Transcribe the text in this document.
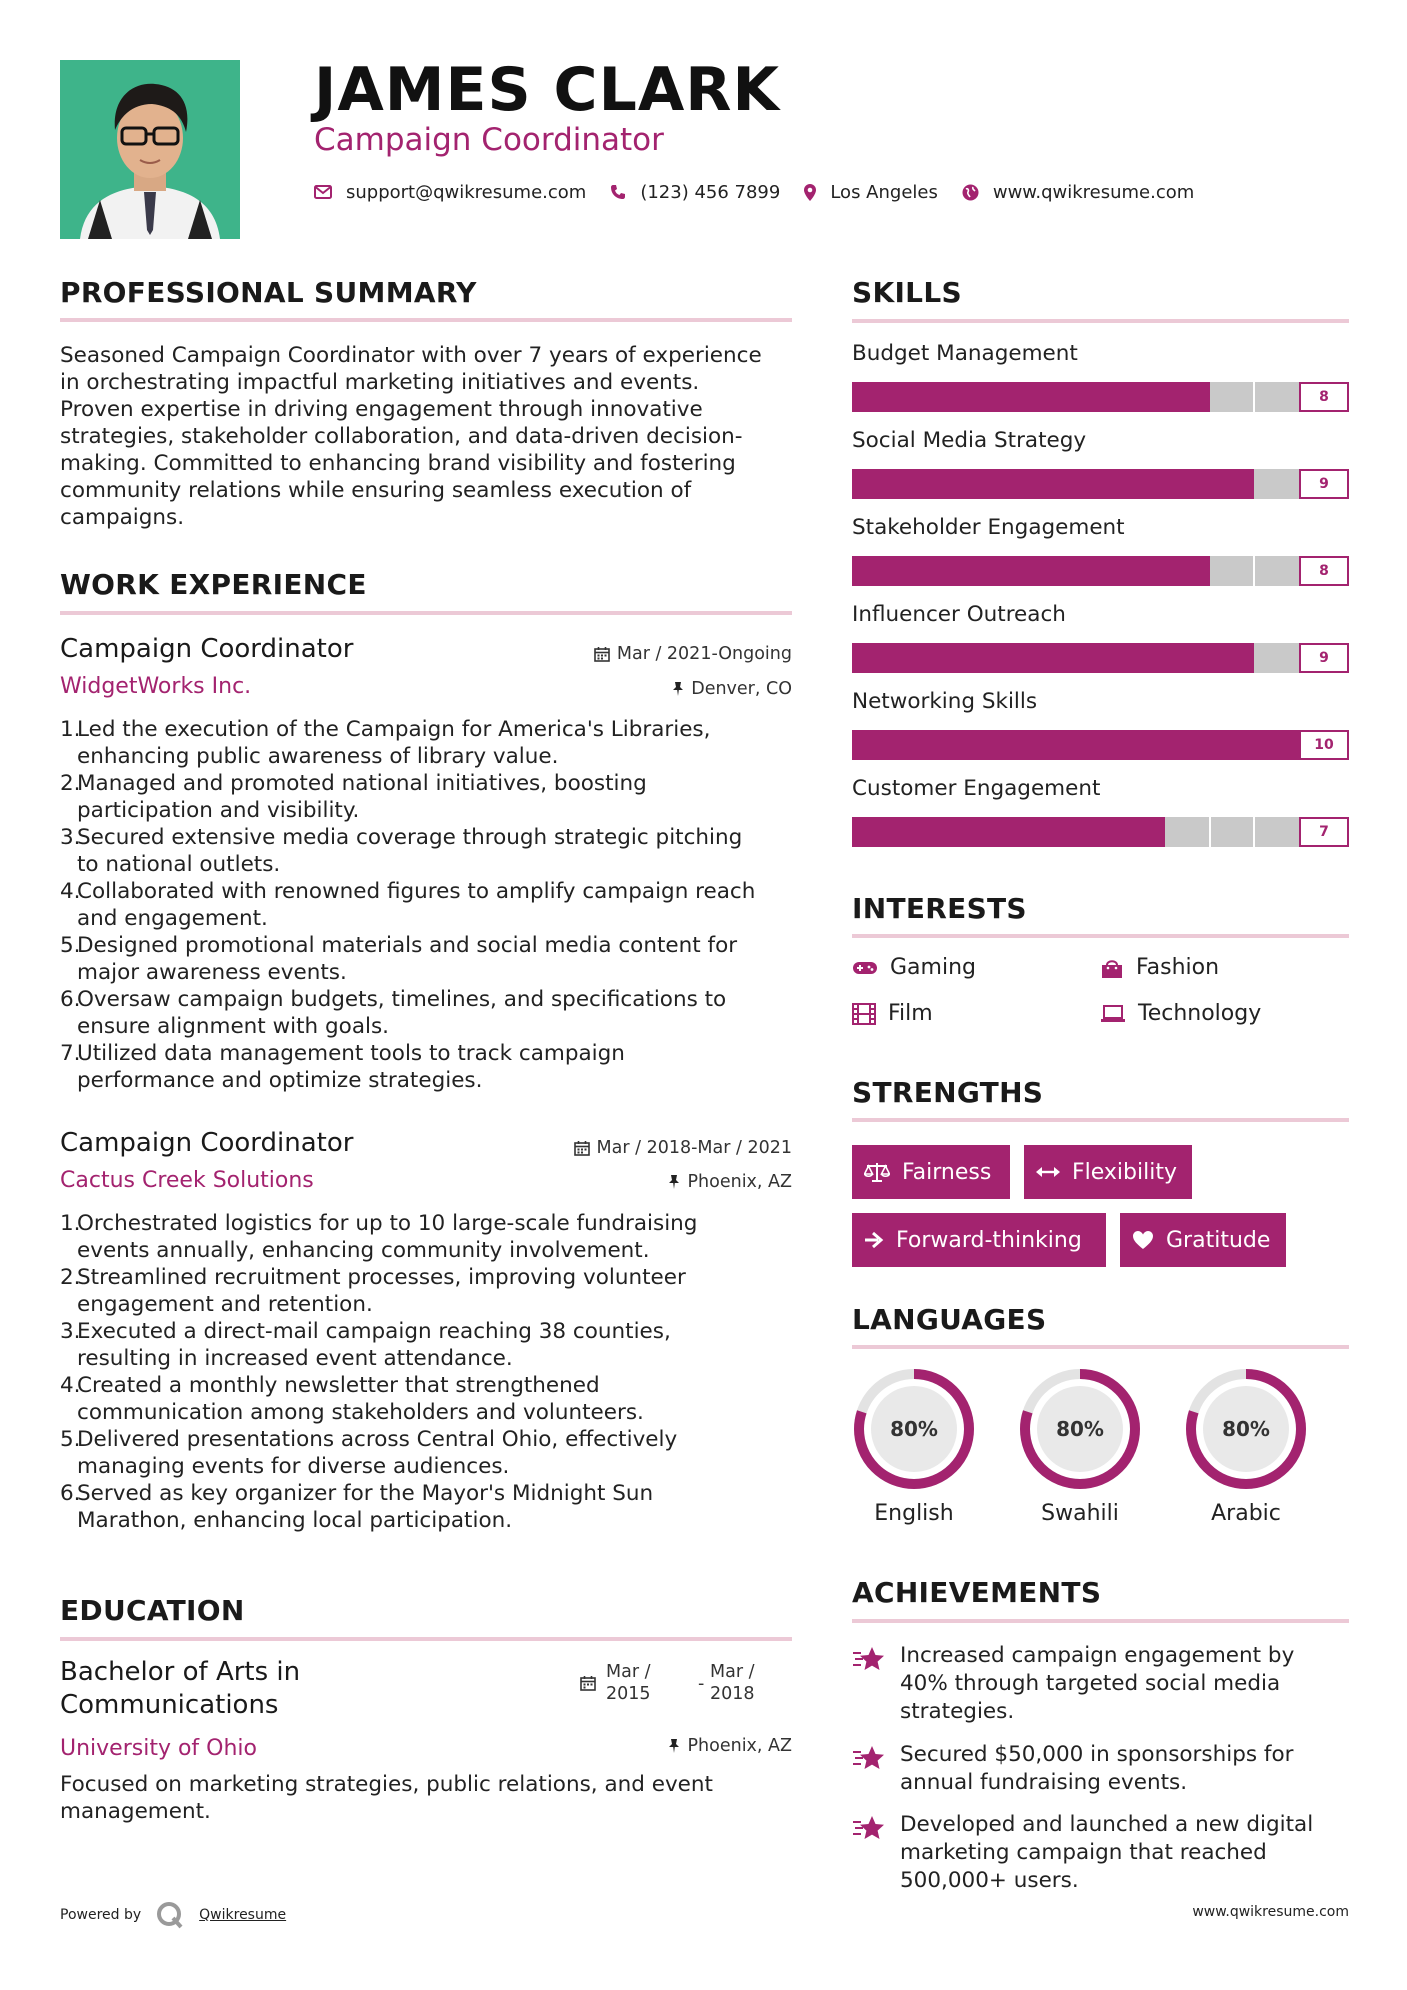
JAMES CLARK
Campaign Coordinator
support@qwikresume.com	(123) 456 7899	Los Angeles	www.qwikresume.com
PROFESSIONAL SUMMARY
Seasoned Campaign Coordinator with over 7 years of experience
in orchestrating impactful marketing initiatives and events.
Proven expertise in driving engagement through innovative
strategies, stakeholder collaboration, and data-driven decision-
making. Committed to enhancing brand visibility and fostering
community relations while ensuring seamless execution of
campaigns.
WORK EXPERIENCE
Campaign Coordinator	Mar / 2021-Ongoing
WidgetWorks Inc.	Denver, CO
1.
Led the execution of the Campaign for America's Libraries,
enhancing public awareness of library value.
2.
Managed and promoted national initiatives, boosting
participation and visibility.
3.
Secured extensive media coverage through strategic pitching
to national outlets.
4.
Collaborated with renowned figures to amplify campaign reach
and engagement.
5.
Designed promotional materials and social media content for
major awareness events.
6.
Oversaw campaign budgets, timelines, and specifications to
ensure alignment with goals.
7.
Utilized data management tools to track campaign
performance and optimize strategies.
Campaign Coordinator	Mar / 2018-Mar / 2021
Cactus Creek Solutions	Phoenix, AZ
1.
Orchestrated logistics for up to 10 large-scale fundraising
events annually, enhancing community involvement.
2.
Streamlined recruitment processes, improving volunteer
engagement and retention.
3.
Executed a direct-mail campaign reaching 38 counties,
resulting in increased event attendance.
4.
Created a monthly newsletter that strengthened
communication among stakeholders and volunteers.
5.
Delivered presentations across Central Ohio, effectively
managing events for diverse audiences.
6.
Served as key organizer for the Mayor's Midnight Sun
Marathon, enhancing local participation.
EDUCATION
Bachelor of Arts in
Communications
Mar /
2015	-
Mar /
2018
University of Ohio	Phoenix, AZ
Focused on marketing strategies, public relations, and event
management.
SKILLS
Budget Management
8
Social Media Strategy
9
Stakeholder Engagement
8
Influencer Outreach
9
Networking Skills
10
Customer Engagement
7
INTERESTS
Gaming	Fashion
Film	Technology
STRENGTHS
Fairness	Flexibility
Forward-thinking	Gratitude
LANGUAGES
80%
English
80%
Swahili
80%
Arabic
ACHIEVEMENTS
Increased campaign engagement by
40% through targeted social media
strategies.
Secured $50,000 in sponsorships for
annual fundraising events.
Developed and launched a new digital
marketing campaign that reached
500,000+ users.
Powered by	Qwikresume	www.qwikresume.com
